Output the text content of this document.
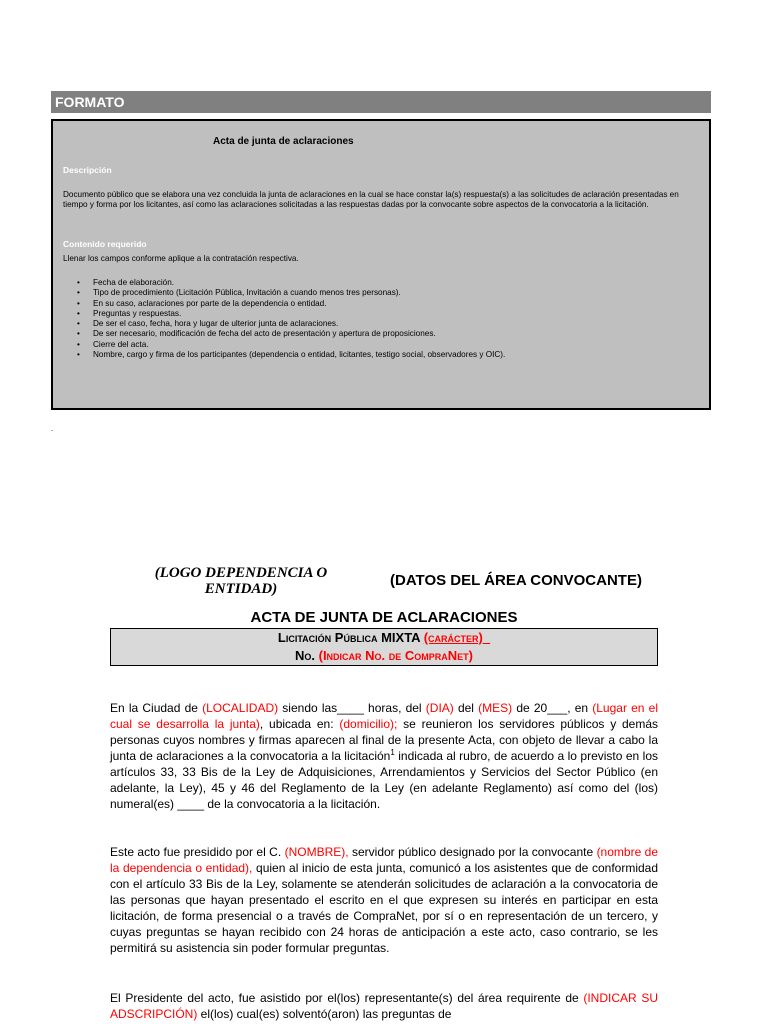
FORMATO
Acta de junta de aclaraciones
Descripción
Documento público que se elabora una vez concluida la junta de aclaraciones en la cual se hace constar la(s) respuesta(s) a las solicitudes de aclaración presentadas en tiempo y forma por los licitantes, así como las aclaraciones solicitadas a las respuestas dadas por la convocante sobre aspectos de la convocatoria a la licitación.
Contenido requerido
Llenar los campos conforme aplique a la contratación respectiva.
• Fecha de elaboración.
• Tipo de procedimiento (Licitación Pública, Invitación a cuando menos tres personas).
• En su caso, aclaraciones por parte de la dependencia o entidad.
• Preguntas y respuestas.
• De ser el caso, fecha, hora y lugar de ulterior junta de aclaraciones.
• De ser necesario, modificación de fecha del acto de presentación y apertura de proposiciones.
• Cierre del acta.
• Nombre, cargo y firma de los participantes (dependencia o entidad, licitantes, testigo social, observadores y OIC).
.
(LOGO DEPENDENCIA O
ENTIDAD)	(DATOS DEL ÁREA CONVOCANTE)
ACTA DE JUNTA DE ACLARACIONES
Licitación Pública MIXTA (carácter)_
No. (Indicar No. de CompraNet)

En la Ciudad de (LOCALIDAD) siendo las____ horas, del (DIA) del (MES) de 20___, en (Lugar en el cual se desarrolla la junta), ubicada en: (domicilio); se reunieron los servidores públicos y demás personas cuyos nombres y firmas aparecen al final de la presente Acta, con objeto de llevar a cabo la junta de aclaraciones a la convocatoria a la licitación$^1$ indicada al rubro, de acuerdo a lo previsto en los artículos 33, 33 Bis de la Ley de Adquisiciones, Arrendamientos y Servicios del Sector Público (en adelante, la Ley), 45 y 46 del Reglamento de la Ley (en adelante Reglamento) así como del (los) numeral(es) ____ de la convocatoria a la licitación.

Este acto fue presidido por el C. (NOMBRE), servidor público designado por la convocante (nombre de la dependencia o entidad), quien al inicio de esta junta, comunicó a los asistentes que de conformidad con el artículo 33 Bis de la Ley, solamente se atenderán solicitudes de aclaración a la convocatoria de las personas que hayan presentado el escrito en el que expresen su interés en participar en esta licitación, de forma presencial o a través de CompraNet, por sí o en representación de un tercero, y cuyas preguntas se hayan recibido con 24 horas de anticipación a este acto, caso contrario, se les permitirá su asistencia sin poder formular preguntas.

El Presidente del acto, fue asistido por el(los) representante(s) del área requirente de (INDICAR SU ADSCRIPCIÓN) el(los) cual(es) solventó(aron) las preguntas de
